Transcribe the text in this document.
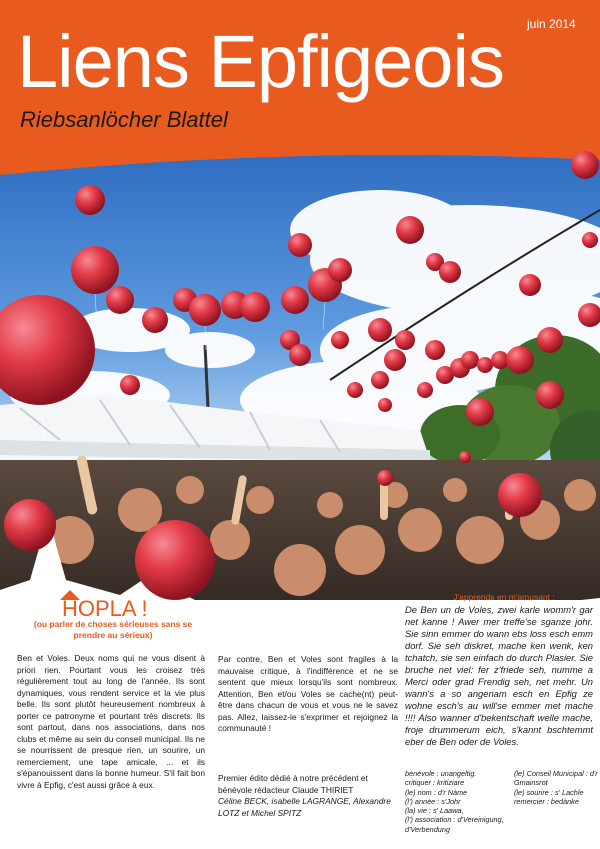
juin 2014
Liens Epfigeois
Riebsanlöcher Blattel
HOPLA !
(ou parler de choses sérieuses sans se prendre au sérieux)
Ben et Voles. Deux noms qui ne vous disent à priori rien. Pourtant vous les croisez très régulièrement tout au long de l'année. Ils sont dynamiques, vous rendent service et la vie plus belle. Ils sont plutôt heureusement nombreux à porter ce patronyme et pourtant très discrets. Ils sont partout, dans nos associations, dans nos clubs et même au sein du conseil municipal. Ils ne se nourrissent de presque rien, un sourire, un remerciement, une tape amicale, ... et ils s'épanouissent dans la bonne humeur. S'il fait bon vivre à Epfig, c'est aussi grâce à eux.
Par contre, Ben et Voles sont fragiles à la mauvaise critique, à l'indifférence et ne se sentent que mieux lorsqu'ils sont nombreux. Attention, Ben et/ou Voles se cache(nt) peut-être dans chacun de vous et vous ne le savez pas. Allez, laissez-le s'exprimer et rejoignez la communauté !
Premier édito dédié à notre précédent et bénévole rédacteur Claude THIRIET
Céline BECK, isabelle LAGRANGE, Alexandre LOTZ et Michel SPITZ
J'apprends en m'amusant :
De Ben un de Voles, zwei karle womm'r gar net kanne ! Awer mer treffe'se sganze johr. Sie sinn emmer do wann ebs loss esch emm dorf. Sie seh diskret, mache ken wenk, ken tchatch, sie sen einfach do durch Plasier. Sie bruche net viel: fer z'friede seh, numme a Merci oder grad Frendig seh, net mehr. Un wann's a so angenam esch en Epfig ze wohne esch's au will'se emmer met mache !!!! Also wanner d'bekentschaft welle mache, froje drummerum eich, s'kannt bschtemmt eber de Ben oder de Voles.
bénévole : unangeltig.
critiquer : kritiziare
(le) nom : d'r Nàme
(l') année : s'Johr
(la) vie : s' Laawa,
(l') association : d'Vereinigung, d'Verbendung
(le) Conseil Municipal : d'r Gmainsrot
(le) sourire : s' Lachle
remercier : bedànke
